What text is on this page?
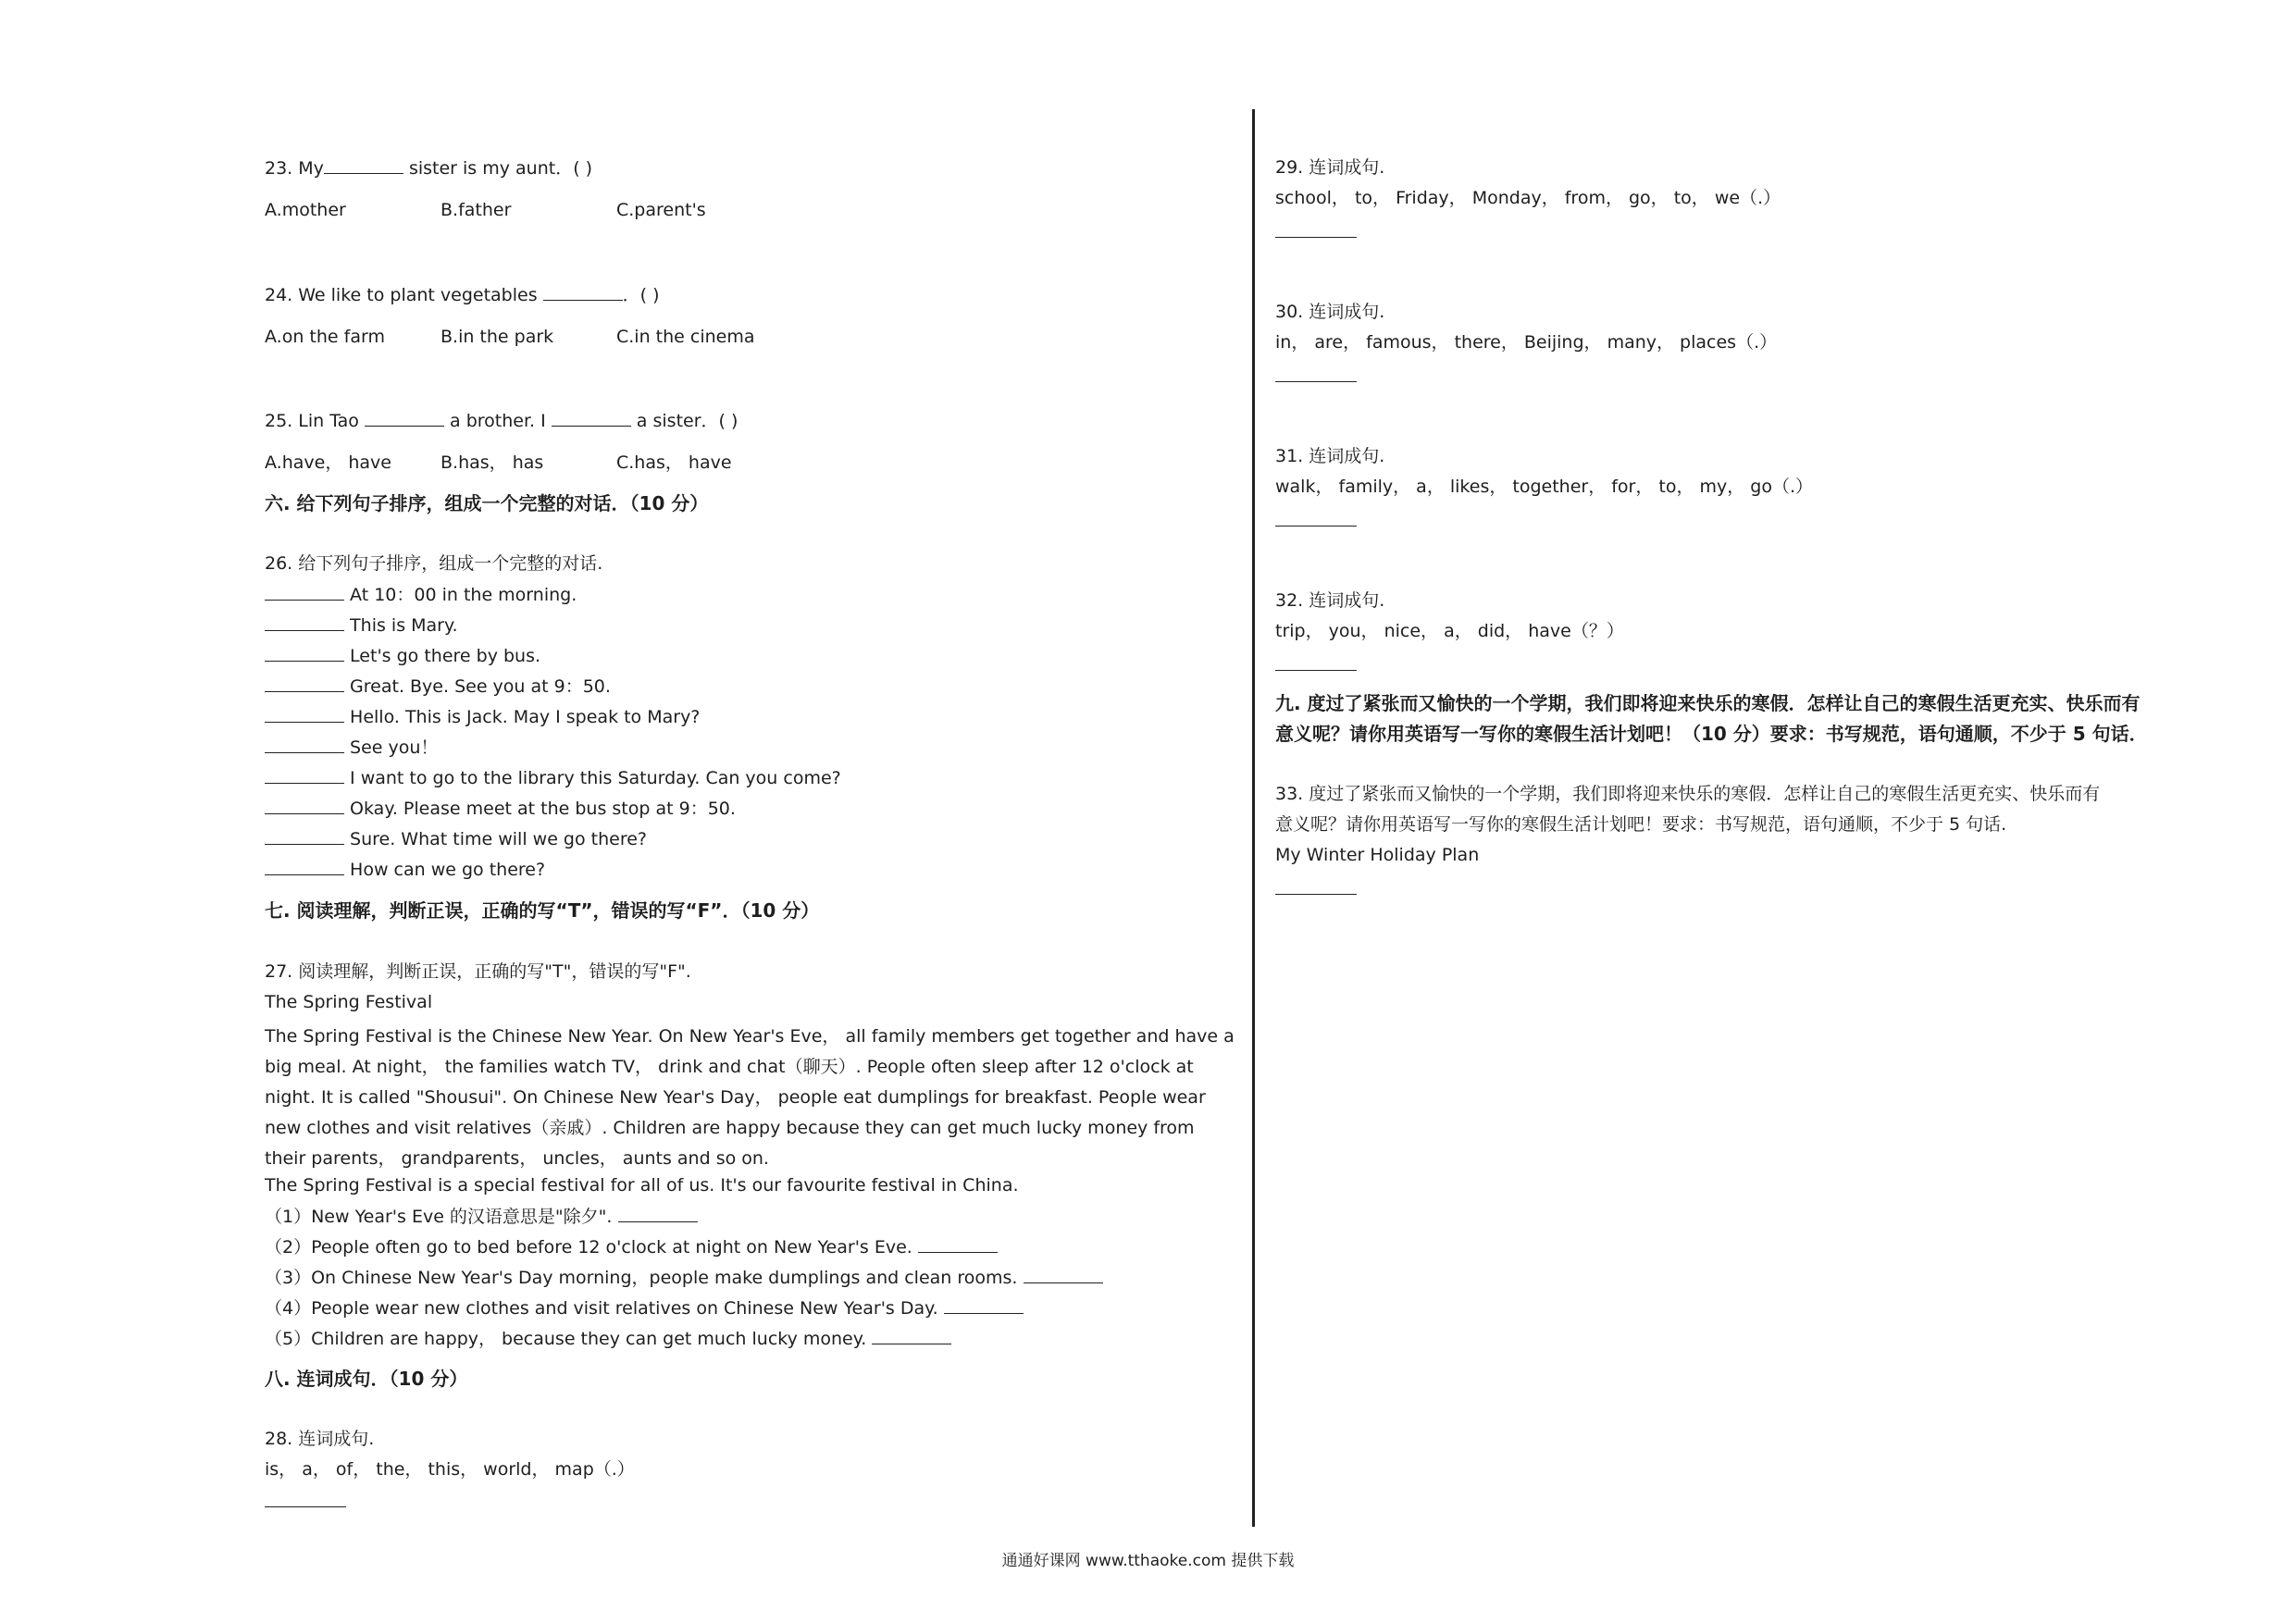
23. My	sister is my aunt．( )
A.mother	B.father	C.parent's
24. We like to plant vegetables	．( )
A.on the farm	B.in the park	C.in the cinema
25. Lin Tao	a brother. I	a sister．( )
A.have， have	B.has， has	C.has， have
六. 给下列句子排序，组成一个完整的对话．（10 分）
26. 给下列句子排序，组成一个完整的对话.
At 10：00 in the morning.
This is Mary.
Let's go there by bus.
Great. Bye. See you at 9：50.
Hello. This is Jack. May I speak to Mary?
See you！
I want to go to the library this Saturday. Can you come?
Okay. Please meet at the bus stop at 9：50.
Sure. What time will we go there?
How can we go there?
七. 阅读理解，判断正误，正确的写“T”，错误的写“F”．（10 分）
27. 阅读理解，判断正误，正确的写"T"，错误的写"F".
The Spring Festival
The Spring Festival is the Chinese New Year. On New Year's Eve， all family members get together and have a big meal. At night， the families watch TV， drink and chat（聊天）. People often sleep after 12 o'clock at night. It is called "Shousui". On Chinese New Year's Day， people eat dumplings for breakfast. People wear new clothes and visit relatives（亲戚）. Children are happy because they can get much lucky money from their parents， grandparents， uncles， aunts and so on.
The Spring Festival is a special festival for all of us. It's our favourite festival in China.
（1）New Year's Eve 的汉语意思是"除夕".
（2）People often go to bed before 12 o'clock at night on New Year's Eve.
（3）On Chinese New Year's Day morning，people make dumplings and clean rooms.
（4）People wear new clothes and visit relatives on Chinese New Year's Day.
（5）Children are happy， because they can get much lucky money.
八. 连词成句．（10 分）
28. 连词成句.
is， a， of， the， this， world， map（.）
29. 连词成句.
school， to， Friday， Monday， from， go， to， we（.）
30. 连词成句.
in， are， famous， there， Beijing， many， places（.）
31. 连词成句.
walk， family， a， likes， together， for， to， my， go（.）
32. 连词成句.
trip， you， nice， a， did， have（？）
九. 度过了紧张而又愉快的一个学期，我们即将迎来快乐的寒假．怎样让自己的寒假生活更充实、快乐而有
意义呢？请你用英语写一写你的寒假生活计划吧！（10 分）要求：书写规范，语句通顺，不少于 5 句话．
33. 度过了紧张而又愉快的一个学期，我们即将迎来快乐的寒假．怎样让自己的寒假生活更充实、快乐而有
意义呢？请你用英语写一写你的寒假生活计划吧！要求：书写规范，语句通顺，不少于 5 句话.
My Winter Holiday Plan
通通好课网 www.tthaoke.com 提供下载
